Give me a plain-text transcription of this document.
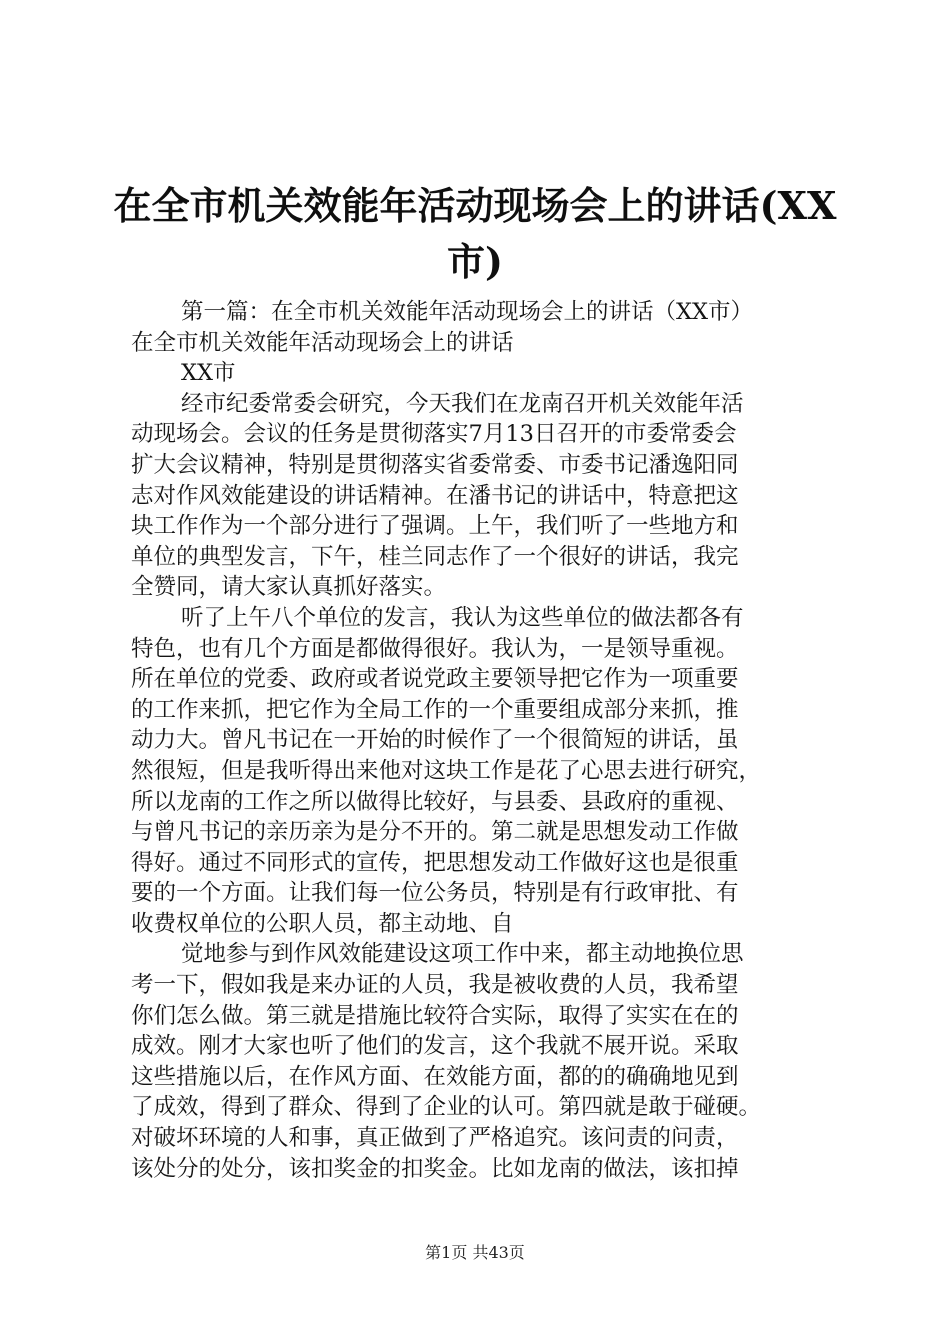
在全市机关效能年活动现场会上的讲话(XX
市)
第一篇：在全市机关效能年活动现场会上的讲话（XX市）
在全市机关效能年活动现场会上的讲话
XX市
经市纪委常委会研究，今天我们在龙南召开机关效能年活
动现场会。会议的任务是贯彻落实7月13日召开的市委常委会
扩大会议精神，特别是贯彻落实省委常委、市委书记潘逸阳同
志对作风效能建设的讲话精神。在潘书记的讲话中，特意把这
块工作作为一个部分进行了强调。上午，我们听了一些地方和
单位的典型发言，下午，桂兰同志作了一个很好的讲话，我完
全赞同，请大家认真抓好落实。
听了上午八个单位的发言，我认为这些单位的做法都各有
特色，也有几个方面是都做得很好。我认为，一是领导重视。
所在单位的党委、政府或者说党政主要领导把它作为一项重要
的工作来抓，把它作为全局工作的一个重要组成部分来抓，推
动力大。曾凡书记在一开始的时候作了一个很简短的讲话，虽
然很短，但是我听得出来他对这块工作是花了心思去进行研究，
所以龙南的工作之所以做得比较好，与县委、县政府的重视、
与曾凡书记的亲历亲为是分不开的。第二就是思想发动工作做
得好。通过不同形式的宣传，把思想发动工作做好这也是很重
要的一个方面。让我们每一位公务员，特别是有行政审批、有
收费权单位的公职人员，都主动地、自
觉地参与到作风效能建设这项工作中来，都主动地换位思
考一下，假如我是来办证的人员，我是被收费的人员，我希望
你们怎么做。第三就是措施比较符合实际，取得了实实在在的
成效。刚才大家也听了他们的发言，这个我就不展开说。采取
这些措施以后，在作风方面、在效能方面，都的的确确地见到
了成效，得到了群众、得到了企业的认可。第四就是敢于碰硬。
对破坏环境的人和事，真正做到了严格追究。该问责的问责，
该处分的处分，该扣奖金的扣奖金。比如龙南的做法，该扣掉
第1页 共43页
